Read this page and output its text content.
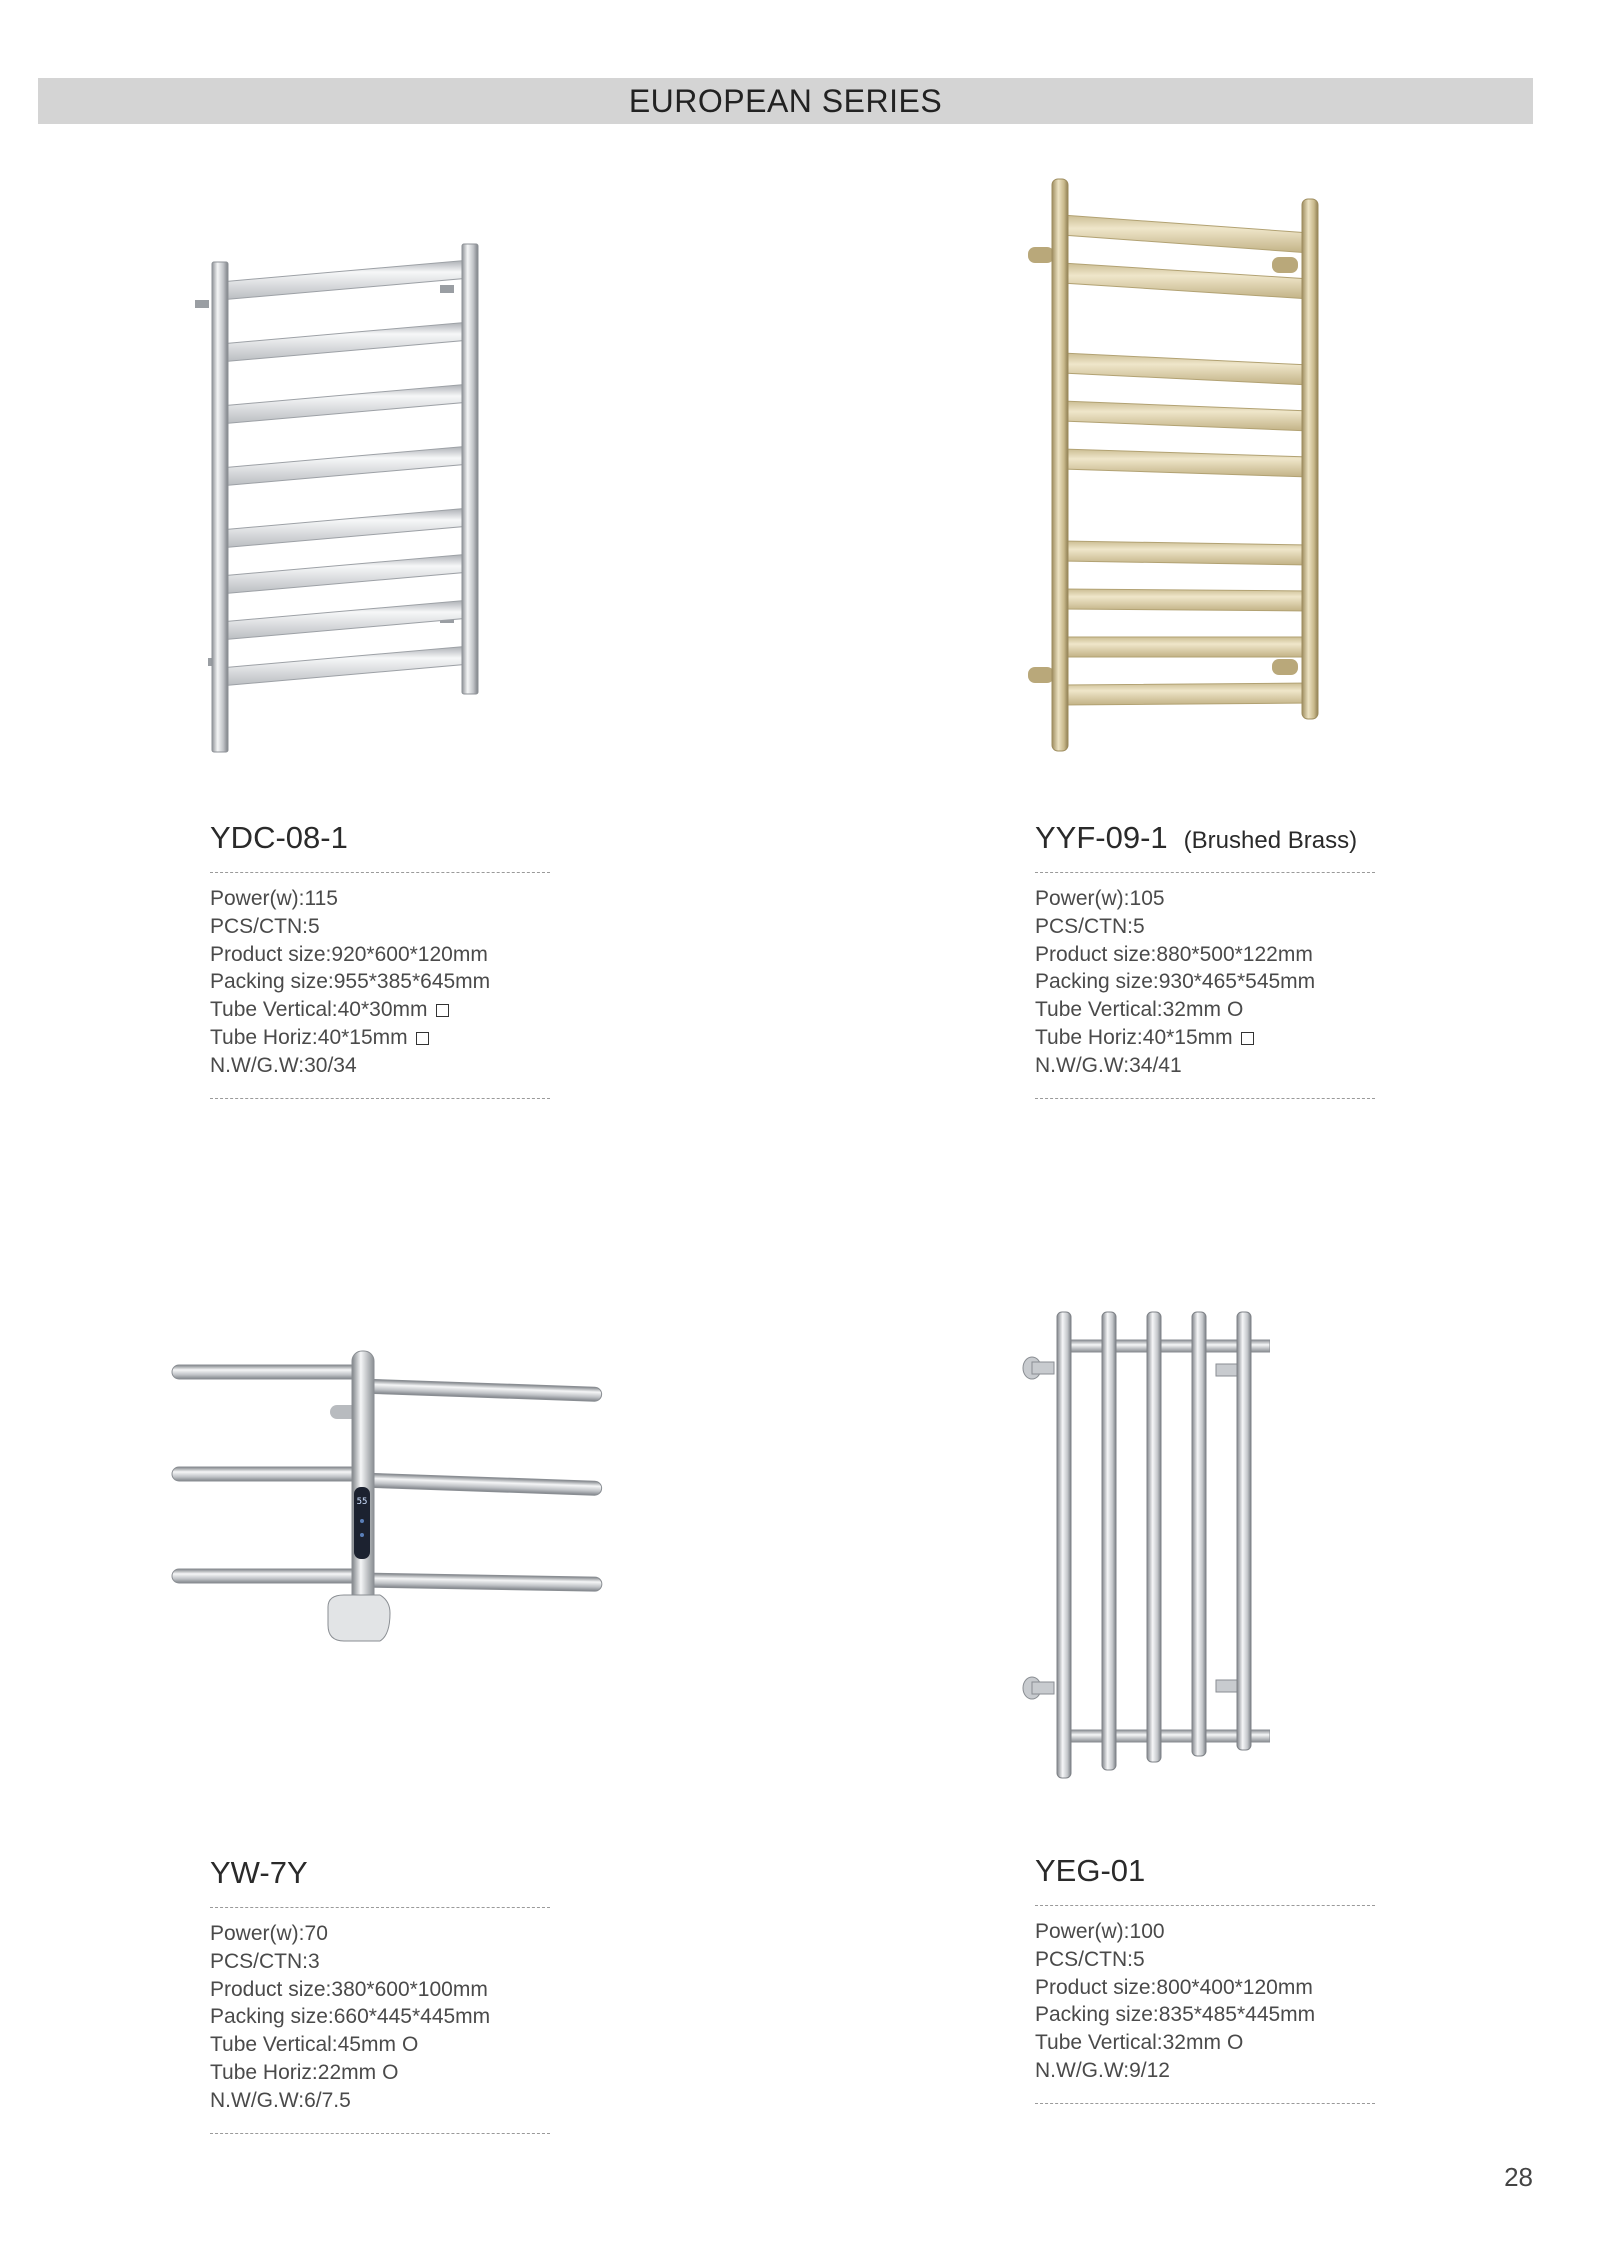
EUROPEAN SERIES
55
YDC-08-1
Power(w):115
PCS/CTN:5
Product size:920*600*120mm
Packing size:955*385*645mm
Tube Vertical:40*30mm
Tube Horiz:40*15mm
N.W/G.W:30/34
YYF-09-1 (Brushed Brass)
Power(w):105
PCS/CTN:5
Product size:880*500*122mm
Packing size:930*465*545mm
Tube Vertical:32mm O
Tube Horiz:40*15mm
N.W/G.W:34/41
YW-7Y
Power(w):70
PCS/CTN:3
Product size:380*600*100mm
Packing size:660*445*445mm
Tube Vertical:45mm O
Tube Horiz:22mm O
N.W/G.W:6/7.5
YEG-01
Power(w):100
PCS/CTN:5
Product size:800*400*120mm
Packing size:835*485*445mm
Tube Vertical:32mm O
N.W/G.W:9/12
28
